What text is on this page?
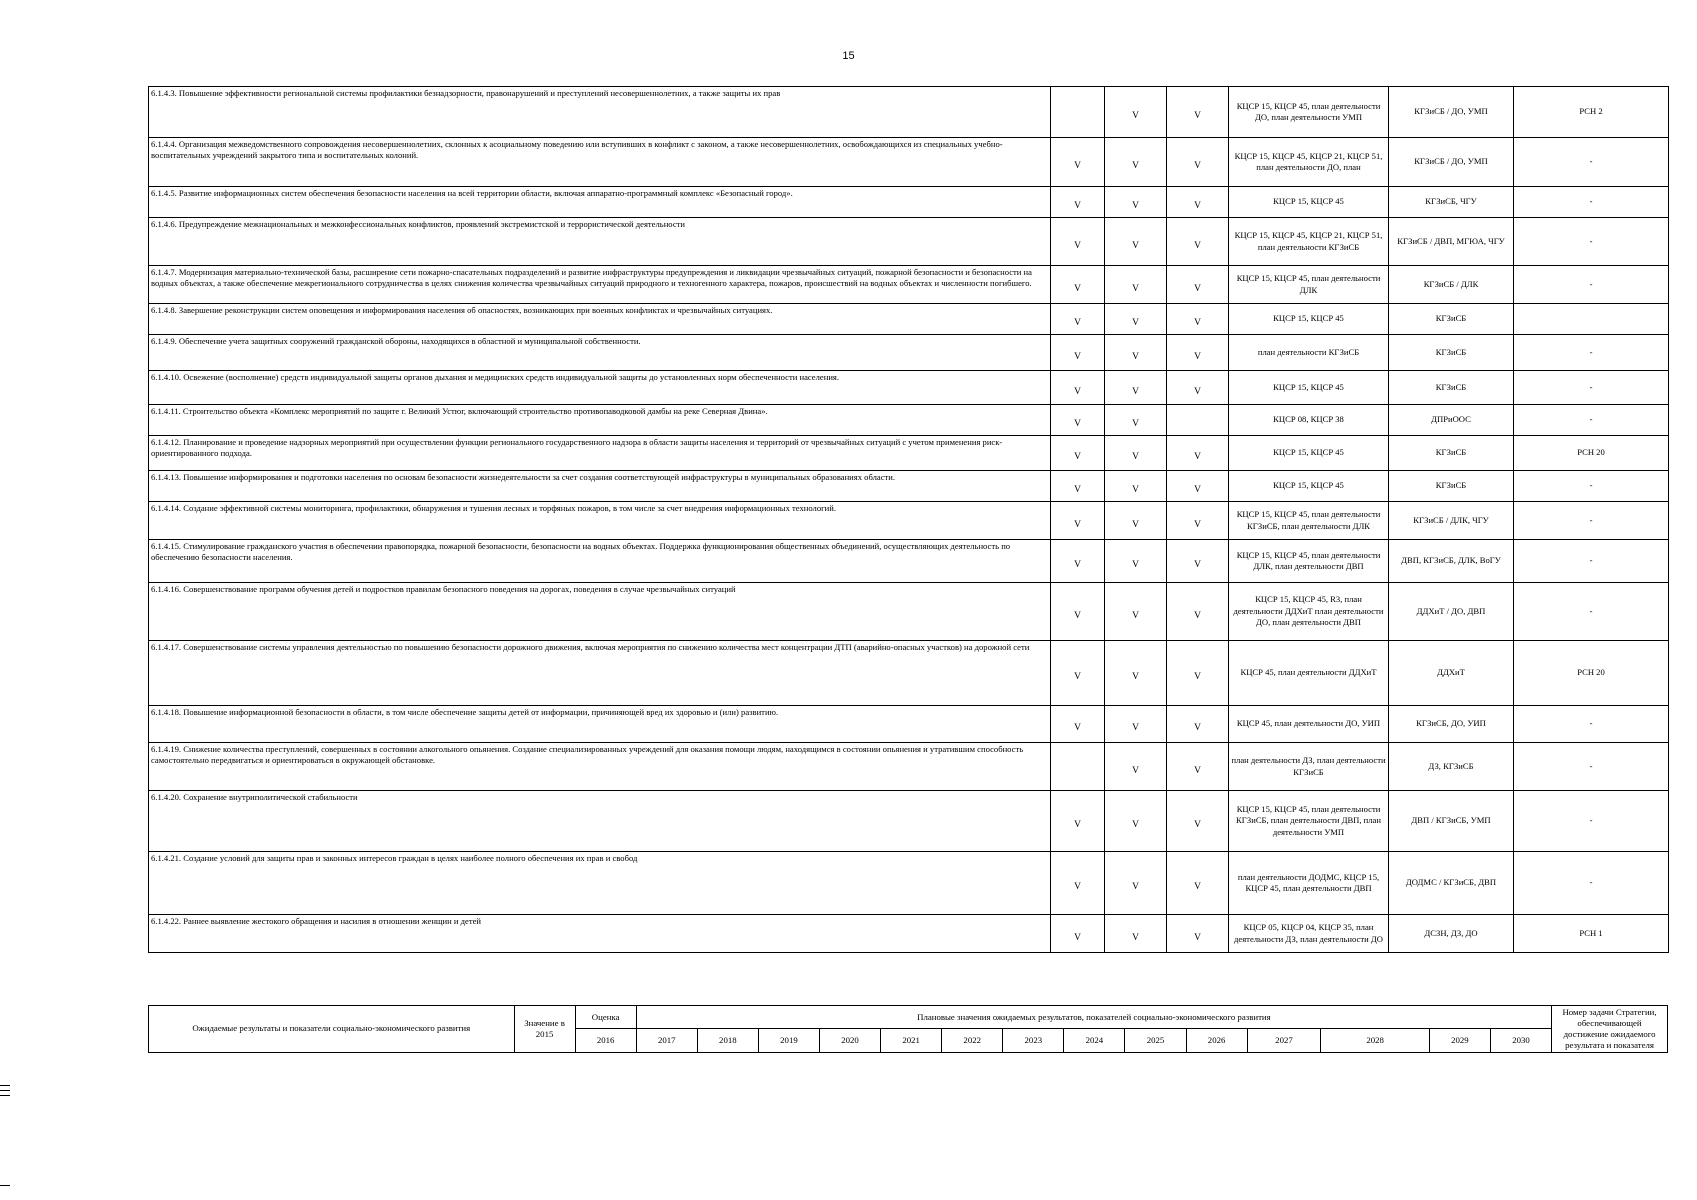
15
6.1.4.3. Повышение эффективности региональной системы профилактики безнадзорности, правонарушений и преступлений несовершеннолетних, а также защиты их прав		V	V	КЦСР 15, КЦСР 45, план деятельности ДО, план деятельности УМП	КГЗиСБ / ДО, УМП	РСН 2
6.1.4.4. Организация межведомственного сопровождения несовершеннолетних, склонных к асоциальному поведению или вступивших в конфликт с законом, а также несовершеннолетних, освобождающихся из специальных учебно-воспитательных учреждений закрытого типа и воспитательных колоний.	V	V	V	КЦСР 15, КЦСР 45, КЦСР 21, КЦСР 51, план деятельности ДО, план	КГЗиСБ / ДО, УМП	-
6.1.4.5. Развитие информационных систем обеспечения безопасности населения на всей территории области, включая аппаратно-программный комплекс «Безопасный город».	V	V	V	КЦСР 15, КЦСР 45	КГЗиСБ, ЧГУ	-
6.1.4.6. Предупреждение межнациональных и межконфессиональных конфликтов, проявлений экстремистской и террористической деятельности	V	V	V	КЦСР 15, КЦСР 45, КЦСР 21, КЦСР 51, план деятельности КГЗиСБ	КГЗиСБ / ДВП, МГЮА, ЧГУ	-
6.1.4.7. Модернизация материально-технической базы, расширение сети пожарно-спасательных подразделений и развитие инфраструктуры предупреждения и ликвидации чрезвычайных ситуаций, пожарной безопасности и безопасности на водных объектах, а также обеспечение межрегионального сотрудничества в целях снижения количества чрезвычайных ситуаций природного и техногенного характера, пожаров, происшествий на водных объектах и численности погибшего.	V	V	V	КЦСР 15, КЦСР 45, план деятельности ДЛК	КГЗиСБ / ДЛК	-
6.1.4.8. Завершение реконструкции систем оповещения и информирования населения об опасностях, возникающих при военных конфликтах и чрезвычайных ситуациях.	V	V	V	КЦСР 15, КЦСР 45	КГЗиСБ	
6.1.4.9. Обеспечение учета защитных сооружений гражданской обороны, находящихся в областной и муниципальной собственности.	V	V	V	план деятельности КГЗиСБ	КГЗиСБ	-
6.1.4.10. Освежение (восполнение) средств индивидуальной защиты органов дыхания и медицинских средств индивидуальной защиты до установленных норм обеспеченности населения.	V	V	V	КЦСР 15, КЦСР 45	КГЗиСБ	-
6.1.4.11. Строительство объекта «Комплекс мероприятий по защите г. Великий Устюг, включающий строительство противопаводковой дамбы на реке Северная Двина».	V	V		КЦСР 08, КЦСР 38	ДПРиООС	-
6.1.4.12. Планирование и проведение надзорных мероприятий при осуществлении функции регионального государственного надзора в области защиты населения и территорий от чрезвычайных ситуаций с учетом применения риск-ориентированного подхода.	V	V	V	КЦСР 15, КЦСР 45	КГЗиСБ	РСН 20
6.1.4.13. Повышение информирования и подготовки населения по основам безопасности жизнедеятельности за счет создания соответствующей инфраструктуры в муниципальных образованиях области.	V	V	V	КЦСР 15, КЦСР 45	КГЗиСБ	-
6.1.4.14. Создание эффективной системы мониторинга, профилактики, обнаружения и тушения лесных и торфяных пожаров, в том числе за счет внедрения информационных технологий.	V	V	V	КЦСР 15, КЦСР 45, план деятельности КГЗиСБ, план деятельности ДЛК	КГЗиСБ / ДЛК, ЧГУ	-
6.1.4.15. Стимулирование гражданского участия в обеспечении правопорядка, пожарной безопасности, безопасности на водных объектах. Поддержка функционирования общественных объединений, осуществляющих деятельность по обеспечению безопасности населения.	V	V	V	КЦСР 15, КЦСР 45, план деятельности ДЛК, план деятельности ДВП	ДВП, КГЗиСБ, ДЛК, ВоГУ	-
6.1.4.16. Совершенствование программ обучения детей и подростков правилам безопасного поведения на дорогах, поведения в случае чрезвычайных ситуаций	V	V	V	КЦСР 15, КЦСР 45, R3, план деятельности ДДХиТ план деятельности ДО, план деятельности ДВП	ДДХиТ / ДО, ДВП	-
6.1.4.17. Совершенствование системы управления деятельностью по повышению безопасности дорожного движения, включая мероприятия по снижению количества мест концентрации ДТП (аварийно-опасных участков) на дорожной сети	V	V	V	КЦСР 45, план деятельности ДДХиТ	ДДХиТ	РСН 20
6.1.4.18. Повышение информационной безопасности в области, в том числе обеспечение защиты детей от информации, причиняющей вред их здоровью и (или) развитию.	V	V	V	КЦСР 45, план деятельности ДО, УИП	КГЗиСБ, ДО, УИП	-
6.1.4.19. Снижение количества преступлений, совершенных в состоянии алкогольного опьянения. Создание специализированных учреждений для оказания помощи людям, находящимся в состоянии опьянения и утратившим способность самостоятельно передвигаться и ориентироваться в окружающей обстановке.		V	V	план деятельности ДЗ, план деятельности КГЗиСБ	ДЗ, КГЗиСБ	-
6.1.4.20. Сохранение внутриполитической стабильности	V	V	V	КЦСР 15, КЦСР 45, план деятельности КГЗиСБ, план деятельности ДВП, план деятельности УМП	ДВП / КГЗиСБ, УМП	-
6.1.4.21. Создание условий для защиты прав и законных интересов граждан в целях наиболее полного обеспечения их прав и свобод	V	V	V	план деятельности ДОДМС, КЦСР 15, КЦСР 45, план деятельности ДВП	ДОДМС / КГЗиСБ, ДВП	-
6.1.4.22. Раннее выявление жестокого обращения и насилия в отношении женщин и детей	V	V	V	КЦСР 05, КЦСР 04, КЦСР 35, план деятельности ДЗ, план деятельности ДО	ДСЗН, ДЗ, ДО	РСН 1
Ожидаемые результаты и показатели социально-экономического развития	Значение в 2015	Оценка	Плановые значения ожидаемых результатов, показателей социально-экономического развития														Номер задачи Стратегии, обеспечивающей достижение ожидаемого результата и показателя
		2016	2017	2018	2019	2020	2021	2022	2023	2024	2025	2026	2027	2028	2029	2030	
